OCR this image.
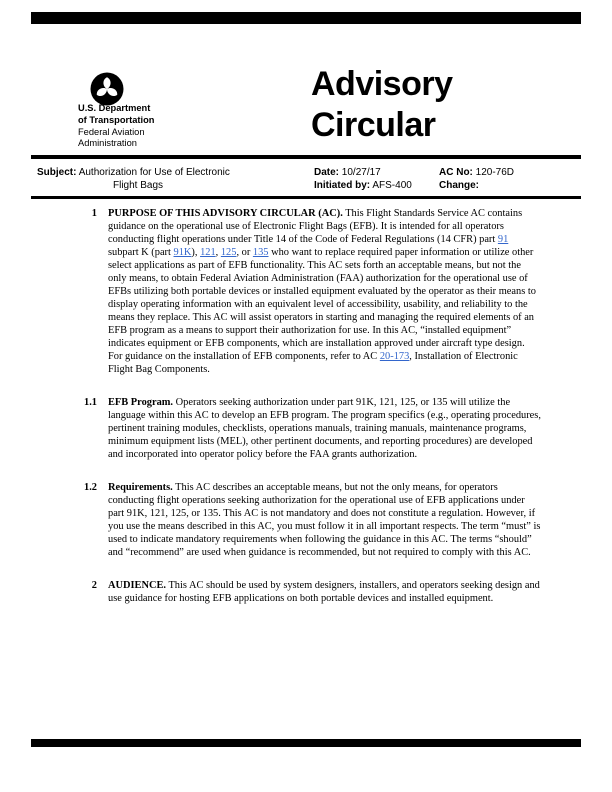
U.S. Department
of Transportation
Federal Aviation
Administration
Advisory
Circular
Subject: Authorization for Use of Electronic
Flight Bags
Date: 10/27/17
Initiated by: AFS-400
AC No: 120-76D
Change:
1 PURPOSE OF THIS ADVISORY CIRCULAR (AC). This Flight Standards Service AC contains guidance on the operational use of Electronic Flight Bags (EFB). It is intended for all operators conducting flight operations under Title 14 of the Code of Federal Regulations (14 CFR) part 91 subpart K (part 91K), 121, 125, or 135 who want to replace required paper information or utilize other select applications as part of EFB functionality. This AC sets forth an acceptable means, but not the only means, to obtain Federal Aviation Administration (FAA) authorization for the operational use of EFBs utilizing both portable devices or installed equipment evaluated by the operator as their means to display operating information with an equivalent level of accessibility, usability, and reliability to the means they replace. This AC will assist operators in starting and managing the required elements of an EFB program as a means to support their authorization for use. In this AC, “installed equipment” indicates equipment or EFB components, which are installation approved under aircraft type design. For guidance on the installation of EFB components, refer to AC 20-173, Installation of Electronic Flight Bag Components.
1.1 EFB Program. Operators seeking authorization under part 91K, 121, 125, or 135 will utilize the language within this AC to develop an EFB program. The program specifics (e.g., operating procedures, pertinent training modules, checklists, operations manuals, training manuals, maintenance programs, minimum equipment lists (MEL), other pertinent documents, and reporting procedures) are developed and incorporated into operator policy before the FAA grants authorization.
1.2 Requirements. This AC describes an acceptable means, but not the only means, for operators conducting flight operations seeking authorization for the operational use of EFB applications under part 91K, 121, 125, or 135. This AC is not mandatory and does not constitute a regulation. However, if you use the means described in this AC, you must follow it in all important respects. The term “must” is used to indicate mandatory requirements when following the guidance in this AC. The terms “should” and “recommend” are used when guidance is recommended, but not required to comply with this AC.
2 AUDIENCE. This AC should be used by system designers, installers, and operators seeking design and use guidance for hosting EFB applications on both portable devices and installed equipment.
